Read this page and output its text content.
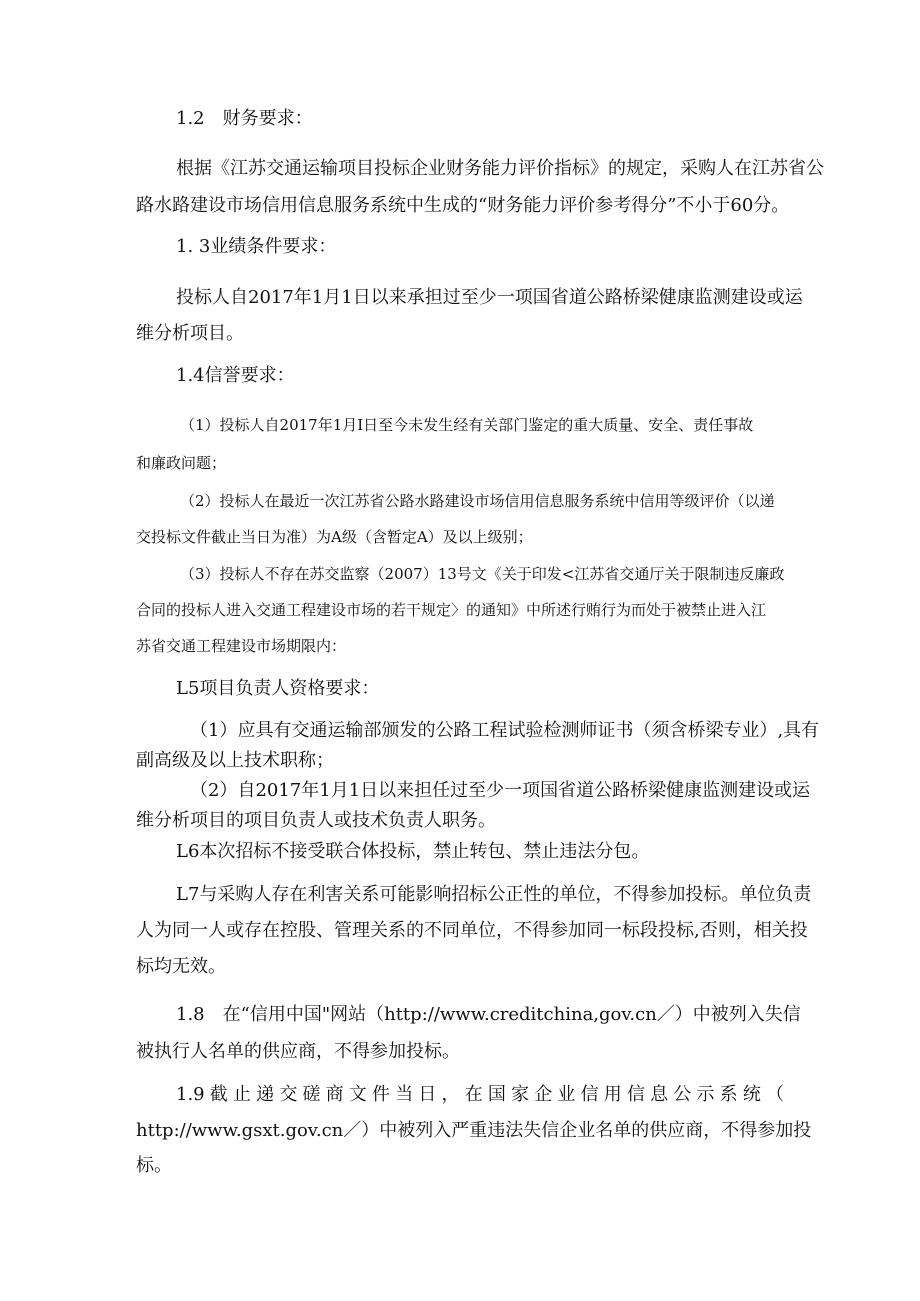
1.2　财务要求：
根据《江苏交通运输项目投标企业财务能力评价指标》的规定，采购人在江苏省公
路水路建设市场信用信息服务系统中生成的“财务能力评价参考得分”不小于60分。
1. 3业绩条件要求：
投标人自2017年1月1日以来承担过至少一项国省道公路桥梁健康监测建设或运
维分析项目。
1.4信誉要求：
（1）投标人自2017年1月I日至今未发生经有关部门鉴定的重大质量、安全、责任事故
和廉政问题；
（2）投标人在最近一次江苏省公路水路建设市场信用信息服务系统中信用等级评价（以递
交投标文件截止当日为准）为A级（含暂定A）及以上级别；
（3）投标人不存在苏交监察（2007）13号文《关于印发<江苏省交通厅关于限制违反廉政
合同的投标人进入交通工程建设市场的若干规定〉的通知》中所述行贿行为而处于被禁止进入江
苏省交通工程建设市场期限内：
L5项目负责人资格要求：
（1）应具有交通运输部颁发的公路工程试验检测师证书（须含桥梁专业）,具有
副高级及以上技术职称；
（2）自2017年1月1日以来担任过至少一项国省道公路桥梁健康监测建设或运
维分析项目的项目负责人或技术负责人职务。
L6本次招标不接受联合体投标，禁止转包、禁止违法分包。
L7与采购人存在利害关系可能影响招标公正性的单位，不得参加投标。单位负责
人为同一人或存在控股、管理关系的不同单位，不得参加同一标段投标,否则，相关投
标均无效。
1.8　在“信用中国"网站（http://www.creditchina,gov.cn／）中被列入失信
被执行人名单的供应商，不得参加投标。
1.9截止递交磋商文件当日，在国家企业信用信息公示系统（
http://www.gsxt.gov.cn／）中被列入严重违法失信企业名单的供应商，不得参加投
标。
